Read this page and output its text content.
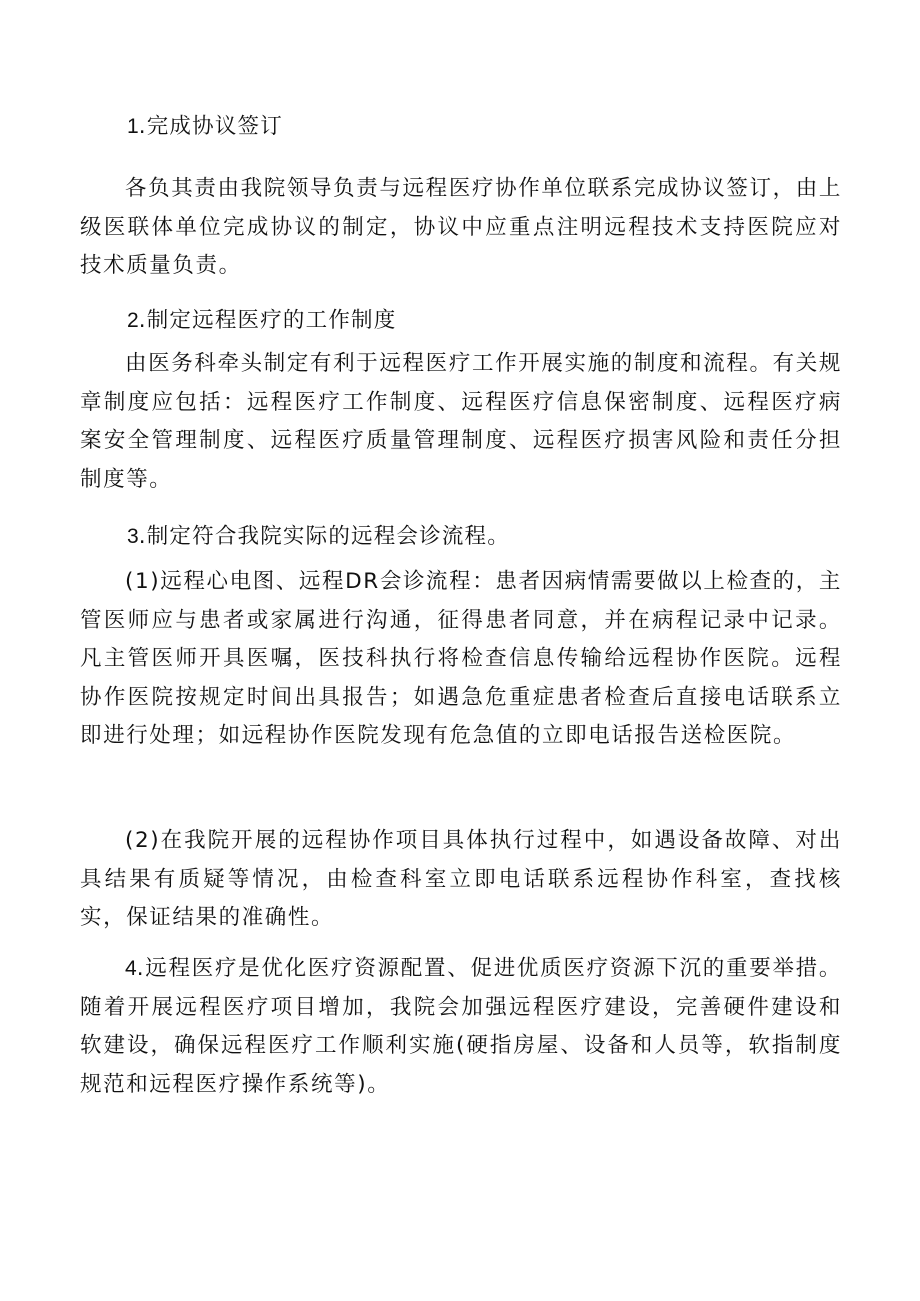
1.完成协议签订

各负其责由我院领导负责与远程医疗协作单位联系完成协议签订，由上级医联体单位完成协议的制定，协议中应重点注明远程技术支持医院应对技术质量负责。

2.制定远程医疗的工作制度

由医务科牵头制定有利于远程医疗工作开展实施的制度和流程。有关规章制度应包括：远程医疗工作制度、远程医疗信息保密制度、远程医疗病案安全管理制度、远程医疗质量管理制度、远程医疗损害风险和责任分担制度等。

3.制定符合我院实际的远程会诊流程。

(1)远程心电图、远程DR会诊流程：患者因病情需要做以上检查的，主管医师应与患者或家属进行沟通，征得患者同意，并在病程记录中记录。凡主管医师开具医嘱，医技科执行将检查信息传输给远程协作医院。远程协作医院按规定时间出具报告；如遇急危重症患者检查后直接电话联系立即进行处理；如远程协作医院发现有危急值的立即电话报告送检医院。

(2)在我院开展的远程协作项目具体执行过程中，如遇设备故障、对出具结果有质疑等情况，由检查科室立即电话联系远程协作科室，查找核实，保证结果的准确性。

4.远程医疗是优化医疗资源配置、促进优质医疗资源下沉的重要举措。随着开展远程医疗项目增加，我院会加强远程医疗建设，完善硬件建设和软建设，确保远程医疗工作顺利实施(硬指房屋、设备和人员等，软指制度规范和远程医疗操作系统等)。
